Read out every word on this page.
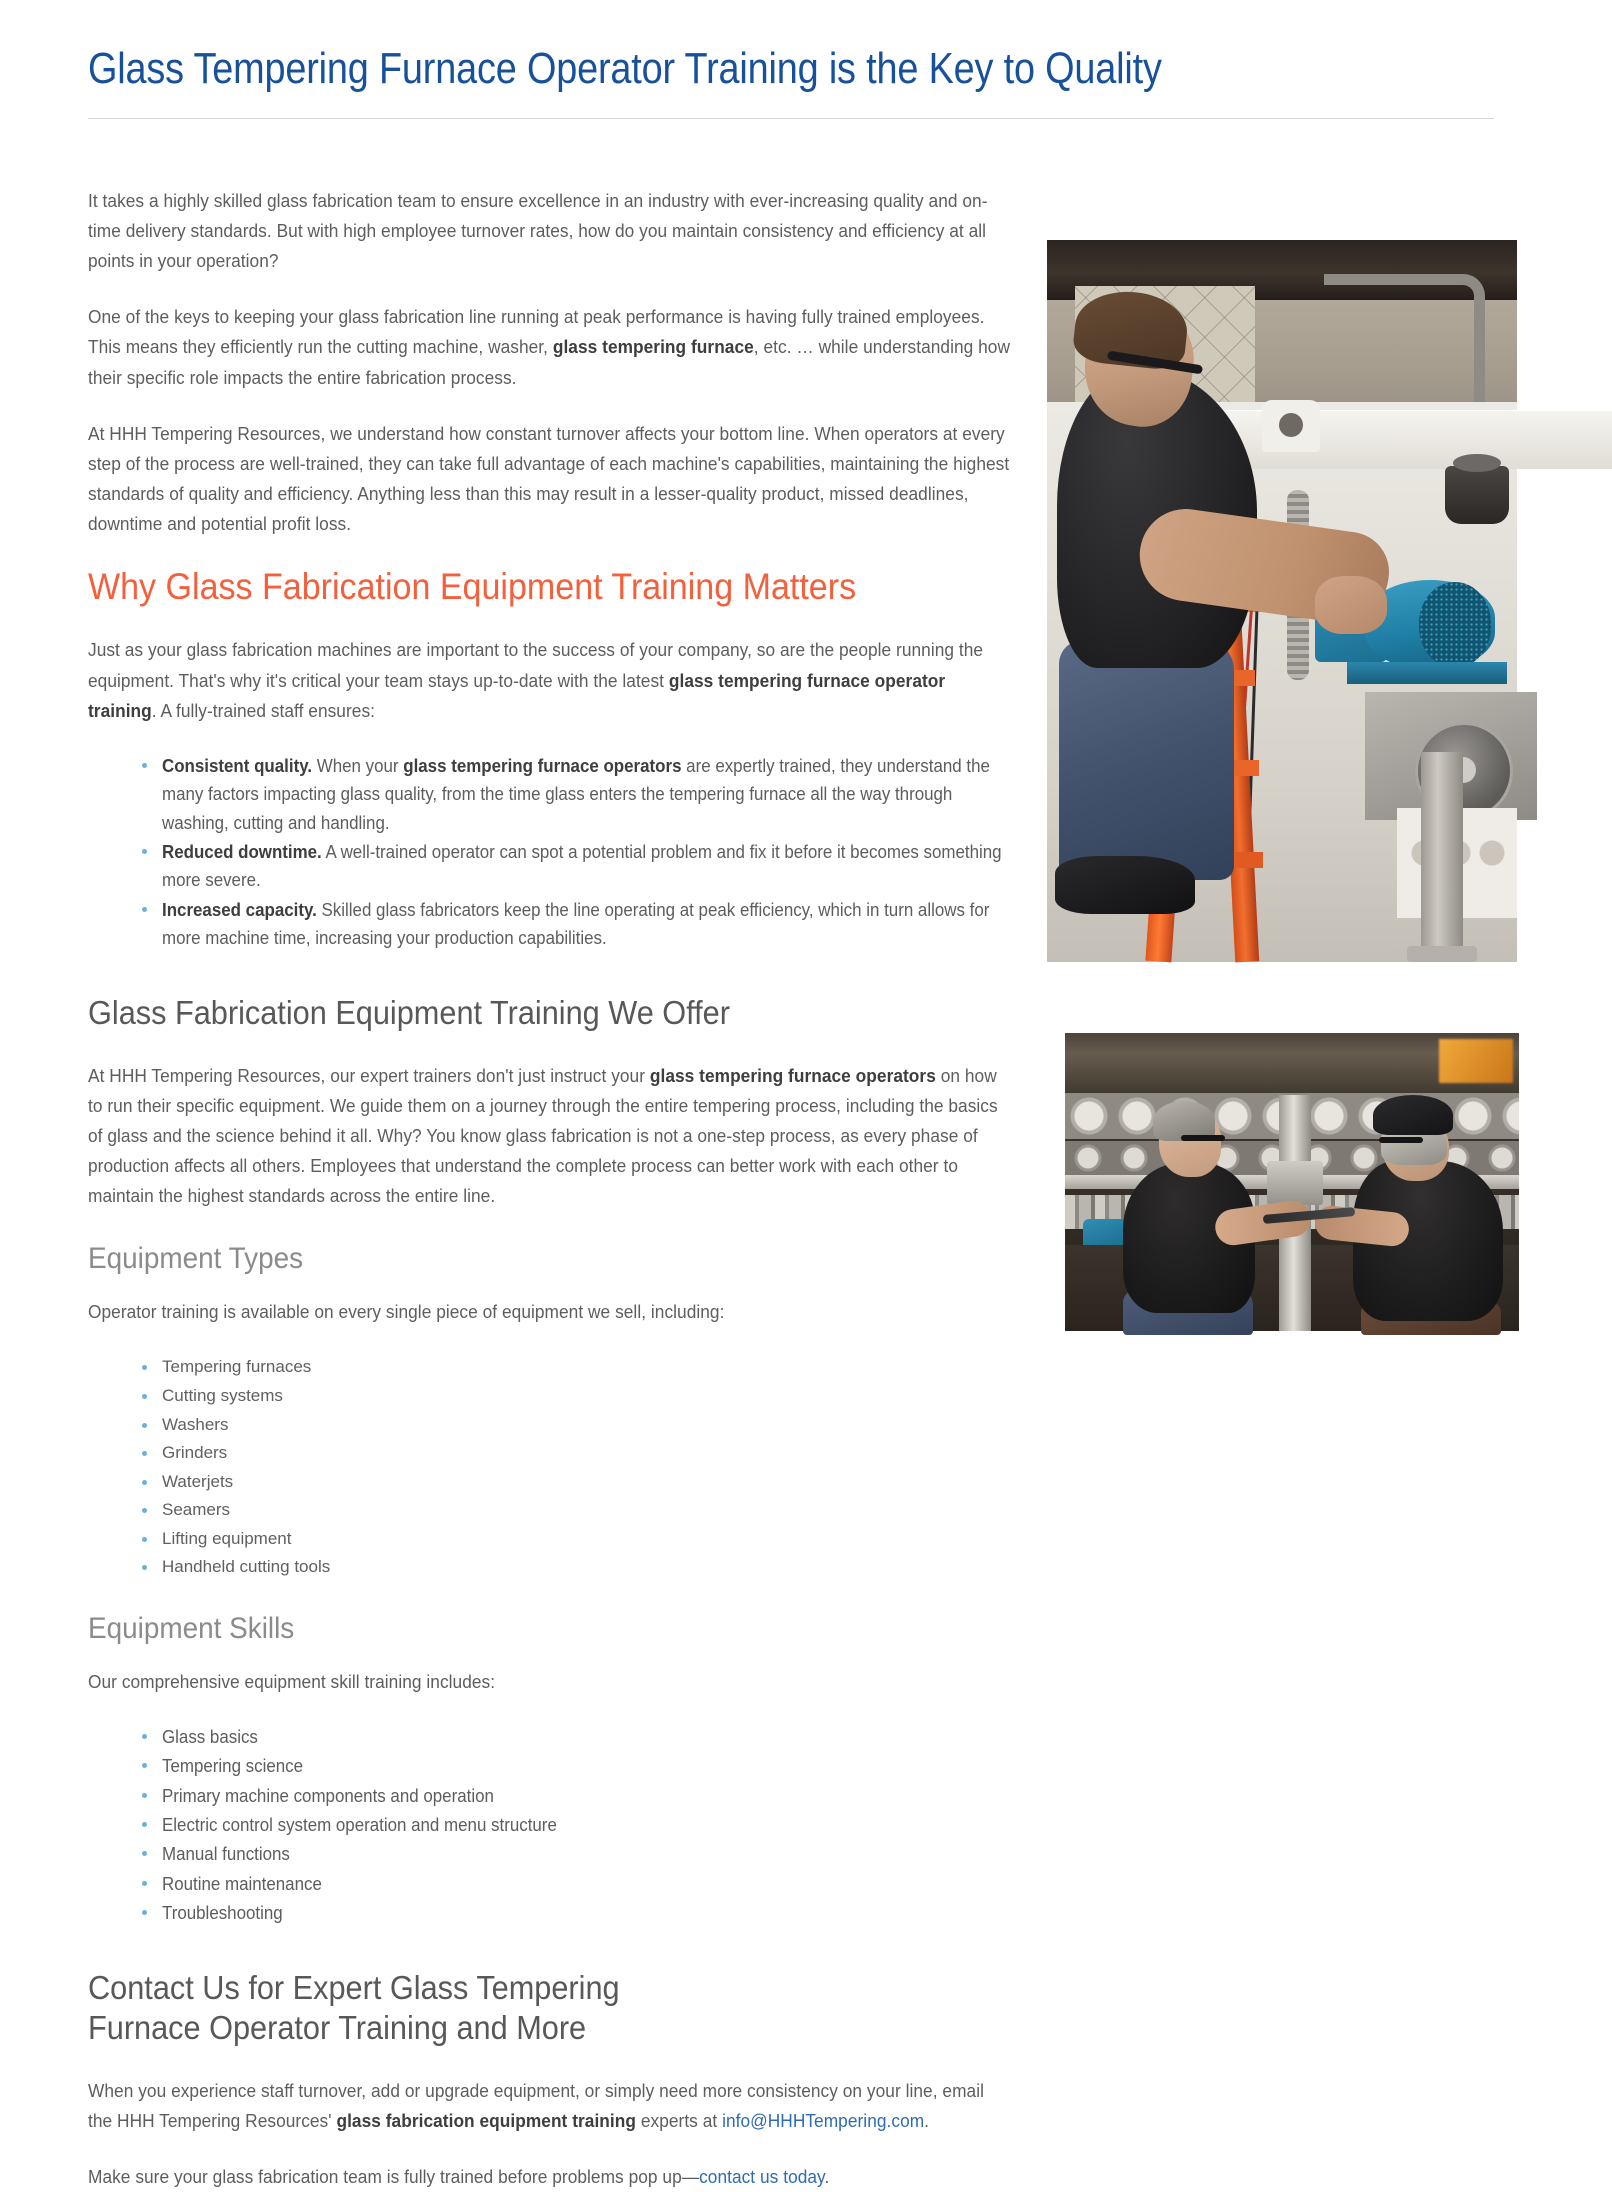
Glass Tempering Furnace Operator Training is the Key to Quality

It takes a highly skilled glass fabrication team to ensure excellence in an industry with ever-increasing quality and on-time delivery standards. But with high employee turnover rates, how do you maintain consistency and efficiency at all points in your operation?

One of the keys to keeping your glass fabrication line running at peak performance is having fully trained employees. This means they efficiently run the cutting machine, washer, glass tempering furnace, etc. … while understanding how their specific role impacts the entire fabrication process.

At HHH Tempering Resources, we understand how constant turnover affects your bottom line. When operators at every step of the process are well-trained, they can take full advantage of each machine's capabilities, maintaining the highest standards of quality and efficiency. Anything less than this may result in a lesser-quality product, missed deadlines, downtime and potential profit loss.

Why Glass Fabrication Equipment Training Matters

Just as your glass fabrication machines are important to the success of your company, so are the people running the equipment. That's why it's critical your team stays up-to-date with the latest glass tempering furnace operator training. A fully-trained staff ensures:

Consistent quality. When your glass tempering furnace operators are expertly trained, they understand the many factors impacting glass quality, from the time glass enters the tempering furnace all the way through washing, cutting and handling.
Reduced downtime. A well-trained operator can spot a potential problem and fix it before it becomes something more severe.
Increased capacity. Skilled glass fabricators keep the line operating at peak efficiency, which in turn allows for more machine time, increasing your production capabilities.
Glass Fabrication Equipment Training We Offer

At HHH Tempering Resources, our expert trainers don't just instruct your glass tempering furnace operators on how to run their specific equipment. We guide them on a journey through the entire tempering process, including the basics of glass and the science behind it all. Why? You know glass fabrication is not a one-step process, as every phase of production affects all others. Employees that understand the complete process can better work with each other to maintain the highest standards across the entire line.

Equipment Types

Operator training is available on every single piece of equipment we sell, including:

Tempering furnaces
Cutting systems
Washers
Grinders
Waterjets
Seamers
Lifting equipment
Handheld cutting tools
Equipment Skills

Our comprehensive equipment skill training includes:

Glass basics
Tempering science
Primary machine components and operation
Electric control system operation and menu structure
Manual functions
Routine maintenance
Troubleshooting
Contact Us for Expert Glass Tempering Furnace Operator Training and More

When you experience staff turnover, add or upgrade equipment, or simply need more consistency on your line, email the HHH Tempering Resources' glass fabrication equipment training experts at info@HHHTempering.com.

Make sure your glass fabrication team is fully trained before problems pop up—contact us today.
